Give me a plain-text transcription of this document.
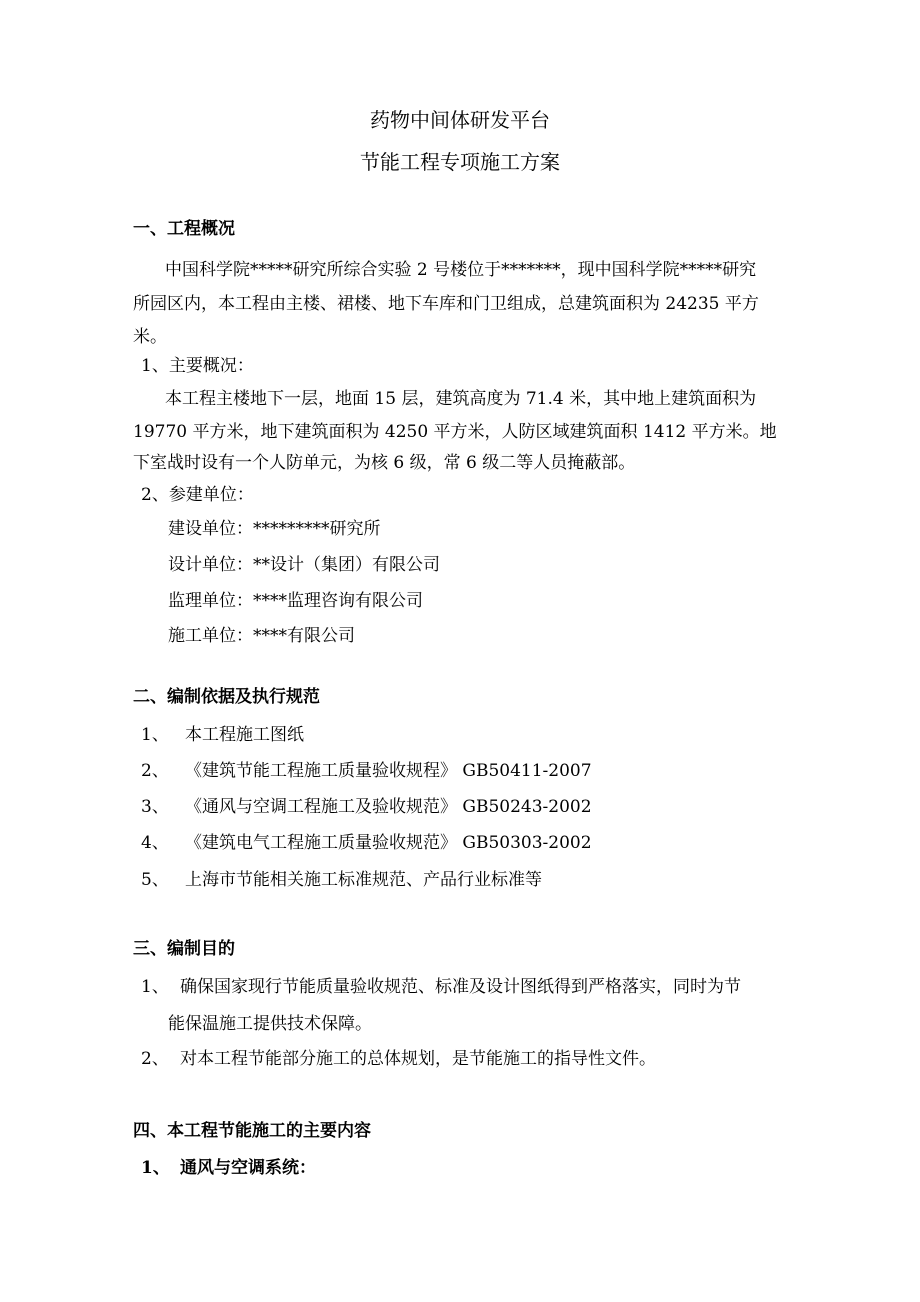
药物中间体研发平台
节能工程专项施工方案
一、工程概况
中国科学院*****研究所综合实验 2 号楼位于*******，现中国科学院*****研究
所园区内，本工程由主楼、裙楼、地下车库和门卫组成，总建筑面积为 24235 平方
米。
1、主要概况：
本工程主楼地下一层，地面 15 层，建筑高度为 71.4 米，其中地上建筑面积为
19770 平方米，地下建筑面积为 4250 平方米，人防区域建筑面积 1412 平方米。地
下室战时设有一个人防单元，为核 6 级，常 6 级二等人员掩蔽部。
2、参建单位：
建设单位：*********研究所
设计单位：**设计（集团）有限公司
监理单位：****监理咨询有限公司
施工单位：****有限公司
二、编制依据及执行规范
1、 本工程施工图纸
2、 《建筑节能工程施工质量验收规程》 GB50411-2007
3、 《通风与空调工程施工及验收规范》 GB50243-2002
4、 《建筑电气工程施工质量验收规范》 GB50303-2002
5、 上海市节能相关施工标准规范、产品行业标准等
三、编制目的
1、 确保国家现行节能质量验收规范、标准及设计图纸得到严格落实，同时为节
能保温施工提供技术保障。
2、 对本工程节能部分施工的总体规划，是节能施工的指导性文件。
四、本工程节能施工的主要内容
1、 通风与空调系统：
